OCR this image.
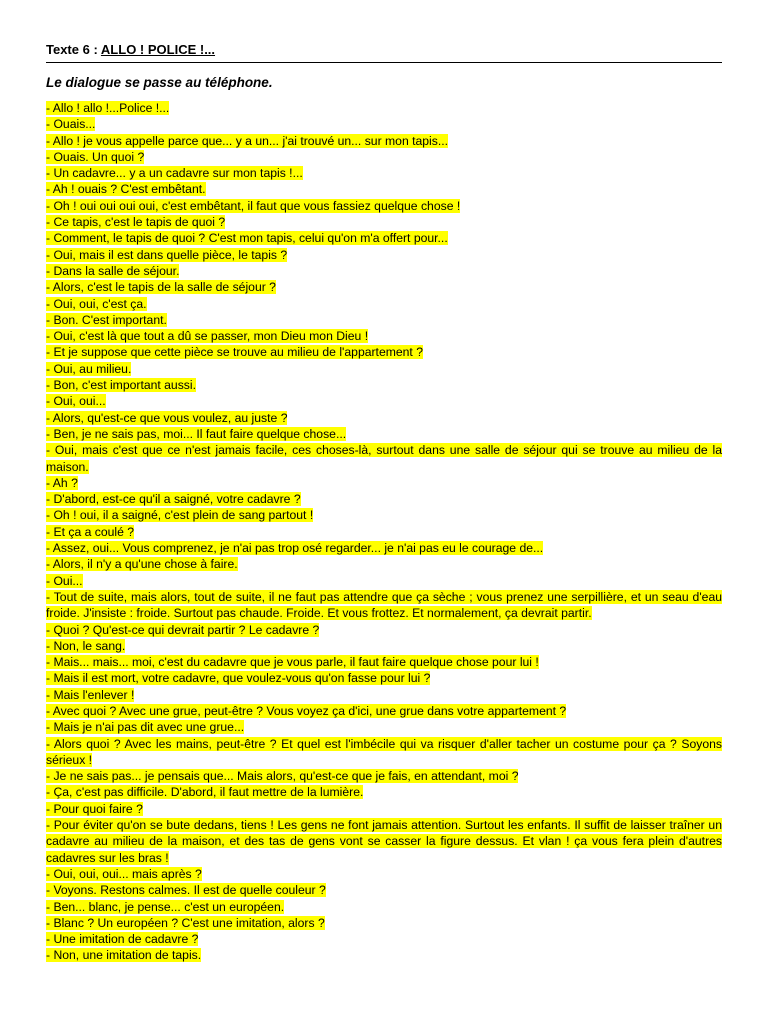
Texte 6 : ALLO ! POLICE !...
Le dialogue se passe au téléphone.
- Allo ! allo !...Police !...
- Ouais...
- Allo ! je vous appelle parce que... y a un... j'ai trouvé un... sur mon tapis...
- Ouais. Un quoi ?
- Un cadavre... y a un cadavre sur mon tapis !...
- Ah ! ouais ? C'est embêtant.
- Oh ! oui oui oui oui, c'est embêtant, il faut que vous fassiez quelque chose !
- Ce tapis, c'est le tapis de quoi ?
- Comment, le tapis de quoi ? C'est mon tapis, celui qu'on m'a offert pour...
- Oui, mais il est dans quelle pièce, le tapis ?
- Dans la salle de séjour.
- Alors, c'est le tapis de la salle de séjour ?
- Oui, oui, c'est ça.
- Bon. C'est important.
- Oui, c'est là que tout a dû se passer, mon Dieu mon Dieu !
- Et je suppose que cette pièce se trouve au milieu de l'appartement ?
- Oui, au milieu.
- Bon, c'est important aussi.
- Oui, oui...
- Alors, qu'est-ce que vous voulez, au juste ?
- Ben, je ne sais pas, moi... Il faut faire quelque chose...
- Oui, mais c'est que ce n'est jamais facile, ces choses-là, surtout dans une salle de séjour qui se trouve au milieu de la maison.
- Ah ?
- D'abord, est-ce qu'il a saigné, votre cadavre ?
- Oh ! oui, il a saigné, c'est plein de sang partout !
- Et ça a coulé ?
- Assez, oui... Vous comprenez, je n'ai pas trop osé regarder... je n'ai pas eu le courage de...
- Alors, il n'y a qu'une chose à faire.
- Oui...
- Tout de suite, mais alors, tout de suite, il ne faut pas attendre que ça sèche ; vous prenez une serpillière, et un seau d'eau froide. J'insiste : froide. Surtout pas chaude. Froide. Et vous frottez. Et normalement, ça devrait partir.
- Quoi ? Qu'est-ce qui devrait partir ? Le cadavre ?
- Non, le sang.
- Mais... mais... moi, c'est du cadavre que je vous parle, il faut faire quelque chose pour lui !
- Mais il est mort, votre cadavre, que voulez-vous qu'on fasse pour lui ?
- Mais l'enlever !
- Avec quoi ? Avec une grue, peut-être ? Vous voyez ça d'ici, une grue dans votre appartement ?
- Mais je n'ai pas dit avec une grue...
- Alors quoi ? Avec les mains, peut-être ? Et quel est l'imbécile qui va risquer d'aller tacher un costume pour ça ? Soyons sérieux !
- Je ne sais pas... je pensais que... Mais alors, qu'est-ce que je fais, en attendant, moi ?
- Ça, c'est pas difficile. D'abord, il faut mettre de la lumière.
- Pour quoi faire ?
- Pour éviter qu'on se bute dedans, tiens ! Les gens ne font jamais attention. Surtout les enfants. Il suffit de laisser traîner un cadavre au milieu de la maison, et des tas de gens vont se casser la figure dessus. Et vlan ! ça vous fera plein d'autres cadavres sur les bras !
- Oui, oui, oui... mais après ?
- Voyons. Restons calmes. Il est de quelle couleur ?
- Ben... blanc, je pense... c'est un européen.
- Blanc ? Un européen ? C'est une imitation, alors ?
- Une imitation de cadavre ?
- Non, une imitation de tapis.
